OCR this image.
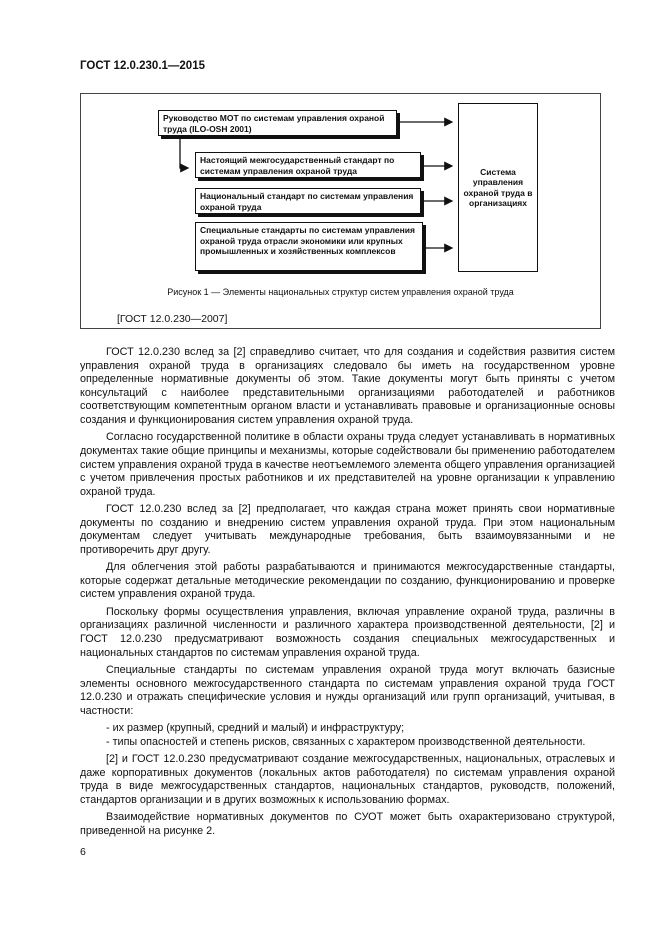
ГОСТ 12.0.230.1—2015
Руководство МОТ по системам управления охраной труда (ILO-OSH 2001)
Настоящий межгосударственный стандарт по системам управления охраной труда
Национальный стандарт по системам управления охраной труда
Специальные стандарты по системам управления охраной труда отрасли экономики или крупных промышленных и хозяйственных комплексов
Система управления охраной труда в организациях
Рисунок 1 — Элементы национальных структур систем управления охраной труда
[ГОСТ 12.0.230—2007]

ГОСТ 12.0.230 вслед за [2] справедливо считает, что для создания и содействия развития систем управления охраной труда в организациях следовало бы иметь на государственном уровне определенные нормативные документы об этом. Такие документы могут быть приняты с учетом консультаций с наиболее представительными организациями работодателей и работников соответствующим компетентным органом власти и устанавливать правовые и организационные основы создания и функционирования систем управления охраной труда.

Согласно государственной политике в области охраны труда следует устанавливать в нормативных документах такие общие принципы и механизмы, которые содействовали бы применению работодателем систем управления охраной труда в качестве неотъемлемого элемента общего управления организацией с учетом привлечения простых работников и их представителей на уровне организации к управлению охраной труда.

ГОСТ 12.0.230 вслед за [2] предполагает, что каждая страна может принять свои нормативные документы по созданию и внедрению систем управления охраной труда. При этом национальным документам следует учитывать международные требования, быть взаимоувязанными и не противоречить друг другу.

Для облегчения этой работы разрабатываются и принимаются межгосударственные стандарты, которые содержат детальные методические рекомендации по созданию, функционированию и проверке систем управления охраной труда.

Поскольку формы осуществления управления, включая управление охраной труда, различны в организациях различной численности и различного характера производственной деятельности, [2] и ГОСТ 12.0.230 предусматривают возможность создания специальных межгосударственных и национальных стандартов по системам управления охраной труда.

Специальные стандарты по системам управления охраной труда могут включать базисные элементы основного межгосударственного стандарта по системам управления охраной труда ГОСТ 12.0.230 и отражать специфические условия и нужды организаций или групп организаций, учитывая, в частности:

- их размер (крупный, средний и малый) и инфраструктуру;

- типы опасностей и степень рисков, связанных с характером производственной деятельности.

[2] и ГОСТ 12.0.230 предусматривают создание межгосударственных, национальных, отраслевых и даже корпоративных документов (локальных актов работодателя) по системам управления охраной труда в виде межгосударственных стандартов, национальных стандартов, руководств, положений, стандартов организации и в других возможных к использованию формах.

Взаимодействие нормативных документов по СУОТ может быть охарактеризовано структурой, приведенной на рисунке 2.

6
